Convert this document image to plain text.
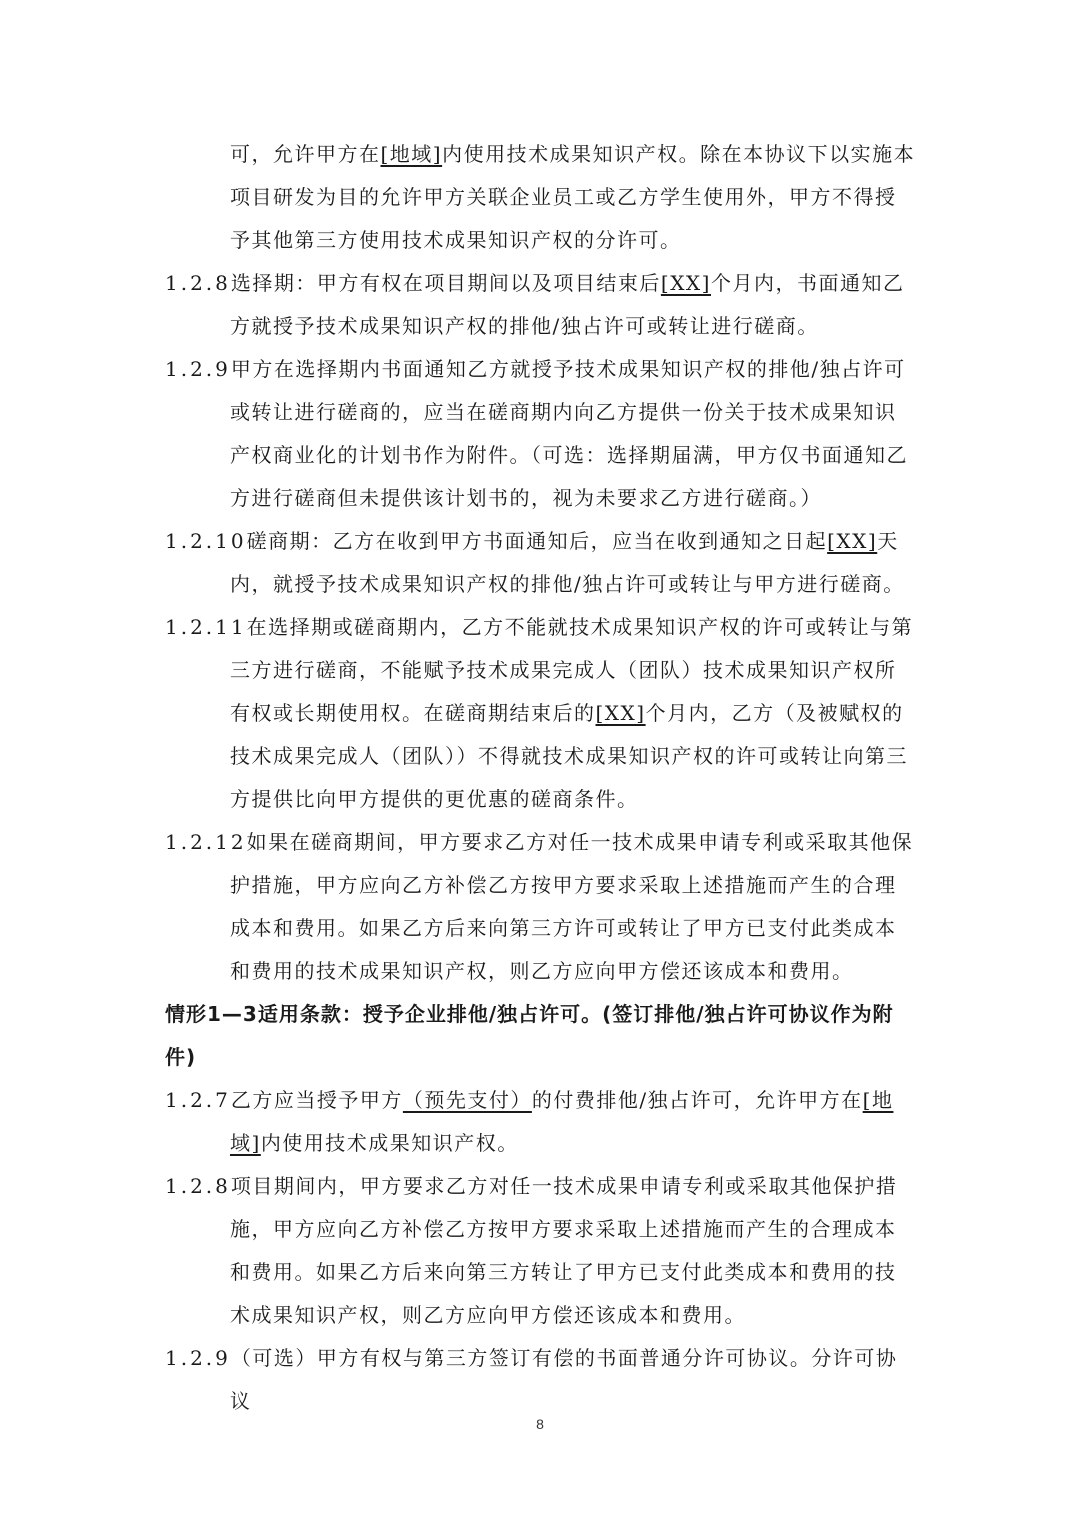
可，允许甲方在[地域]内使用技术成果知识产权。除在本协议下以实施本项目研发为目的允许甲方关联企业员工或乙方学生使用外，甲方不得授予其他第三方使用技术成果知识产权的分许可。
1.2.8选择期：甲方有权在项目期间以及项目结束后[XX]个月内，书面通知乙方就授予技术成果知识产权的排他/独占许可或转让进行磋商。
1.2.9甲方在选择期内书面通知乙方就授予技术成果知识产权的排他/独占许可或转让进行磋商的，应当在磋商期内向乙方提供一份关于技术成果知识产权商业化的计划书作为附件。（可选：选择期届满，甲方仅书面通知乙方进行磋商但未提供该计划书的，视为未要求乙方进行磋商。）
1.2.10磋商期：乙方在收到甲方书面通知后，应当在收到通知之日起[XX]天内，就授予技术成果知识产权的排他/独占许可或转让与甲方进行磋商。
1.2.11在选择期或磋商期内，乙方不能就技术成果知识产权的许可或转让与第三方进行磋商，不能赋予技术成果完成人（团队）技术成果知识产权所有权或长期使用权。在磋商期结束后的[XX]个月内，乙方（及被赋权的技术成果完成人（团队））不得就技术成果知识产权的许可或转让向第三方提供比向甲方提供的更优惠的磋商条件。
1.2.12如果在磋商期间，甲方要求乙方对任一技术成果申请专利或采取其他保护措施，甲方应向乙方补偿乙方按甲方要求采取上述措施而产生的合理成本和费用。如果乙方后来向第三方许可或转让了甲方已支付此类成本和费用的技术成果知识产权，则乙方应向甲方偿还该成本和费用。
情形1—3适用条款：授予企业排他/独占许可。(签订排他/独占许可协议作为附件)
1.2.7乙方应当授予甲方（预先支付）的付费排他/独占许可，允许甲方在[地域]内使用技术成果知识产权。
1.2.8项目期间内，甲方要求乙方对任一技术成果申请专利或采取其他保护措施，甲方应向乙方补偿乙方按甲方要求采取上述措施而产生的合理成本和费用。如果乙方后来向第三方转让了甲方已支付此类成本和费用的技术成果知识产权，则乙方应向甲方偿还该成本和费用。
1.2.9（可选）甲方有权与第三方签订有偿的书面普通分许可协议。分许可协议
8
